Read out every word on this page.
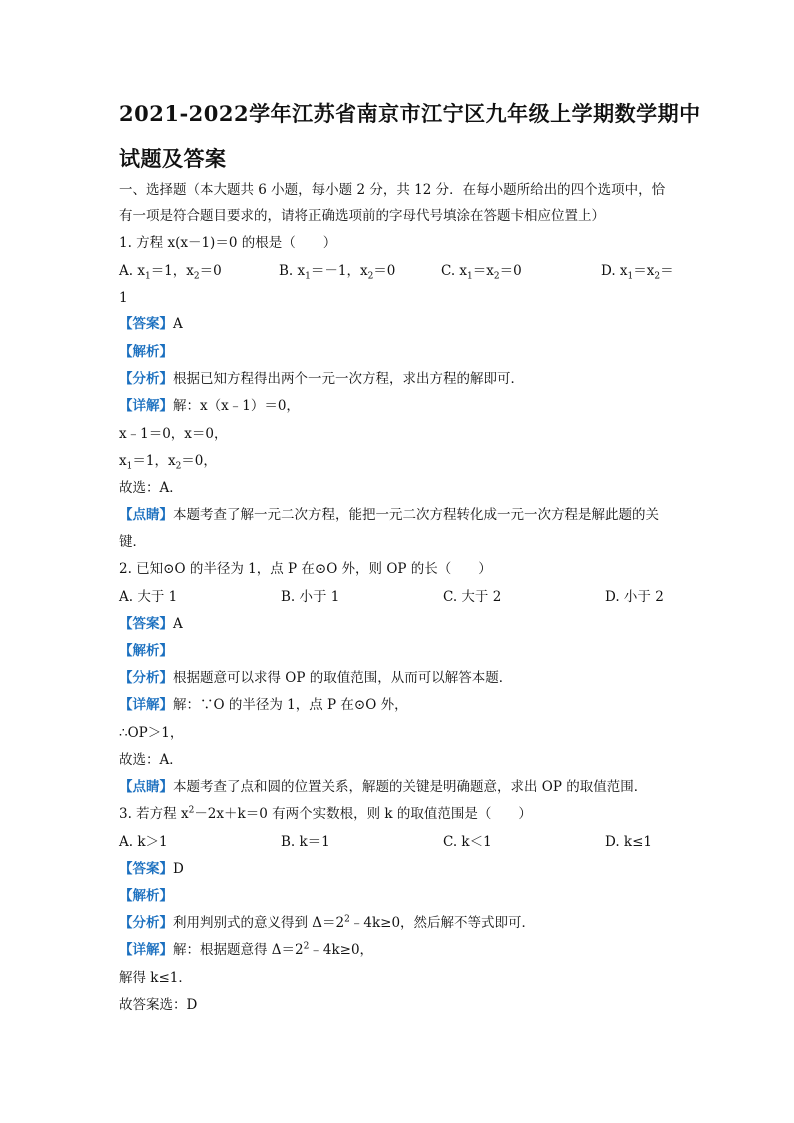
2021-2022学年江苏省南京市江宁区九年级上学期数学期中
试题及答案
一、选择题（本大题共 6 小题，每小题 2 分，共 12 分．在每小题所给出的四个选项中，恰
有一项是符合题目要求的，请将正确选项前的字母代号填涂在答题卡相应位置上）
1. 方程 x(x－1)＝0 的根是（　　）
A. $x_1=1$，$x_2=0$	B. $x_1=-1$，$x_2=0$	C. $x_1=x_2=0$	D. $x_1=x_2=$
1
【答案】A
【解析】
【分析】根据已知方程得出两个一元一次方程，求出方程的解即可．
【详解】解：x（x﹣1）＝0，
x﹣1＝0，x＝0，
$x_1=1$，$x_2=0$，
故选：A．
【点睛】本题考查了解一元二次方程，能把一元二次方程转化成一元一次方程是解此题的关
键．
2. 已知⊙O 的半径为 1，点 P 在⊙O 外，则 OP 的长（　　）
A. 大于 1	B. 小于 1	C. 大于 2	D. 小于 2
【答案】A
【解析】
【分析】根据题意可以求得 OP 的取值范围，从而可以解答本题．
【详解】解：∵O 的半径为 1，点 P 在⊙O 外，
∴OP＞1，
故选：A．
【点睛】本题考查了点和圆的位置关系，解题的关键是明确题意，求出 OP 的取值范围．
3. 若方程 $x^2-2x+k=0$ 有两个实数根，则 k 的取值范围是（　　）
A. k＞1	B. k＝1	C. k＜1	D. k≤1
【答案】D
【解析】
【分析】利用判别式的意义得到 $\Delta=2^2﹣4k\ge 0$，然后解不等式即可．
【详解】解：根据题意得 $\Delta=2^2﹣4k\ge 0$，
解得 k≤1．
故答案选：D
